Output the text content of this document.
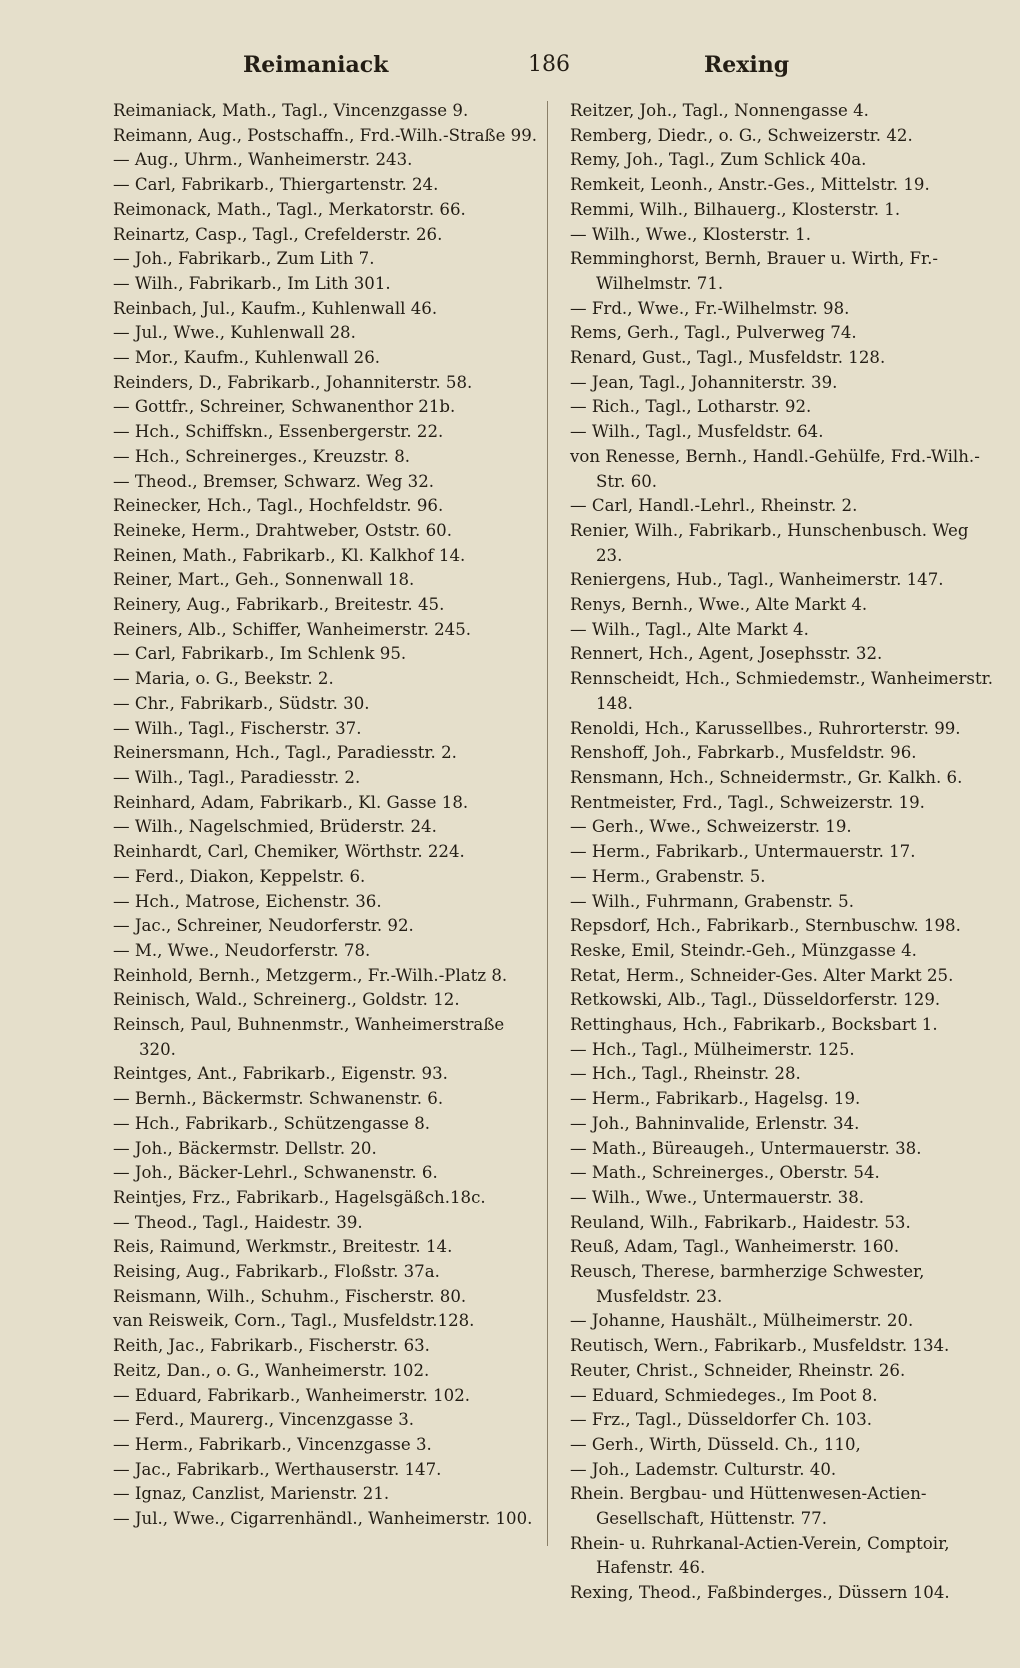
Reimaniack	186	Rexing
Reimaniack, Math., Tagl., Vincenzgasse 9.
Reimann, Aug., Postschaffn., Frd.-Wilh.-Straße 99.
— Aug., Uhrm., Wanheimerstr. 243.
— Carl, Fabrikarb., Thiergartenstr. 24.
Reimonack, Math., Tagl., Merkatorstr. 66.
Reinartz, Casp., Tagl., Crefelderstr. 26.
— Joh., Fabrikarb., Zum Lith 7.
— Wilh., Fabrikarb., Im Lith 301.
Reinbach, Jul., Kaufm., Kuhlenwall 46.
— Jul., Wwe., Kuhlenwall 28.
— Mor., Kaufm., Kuhlenwall 26.
Reinders, D., Fabrikarb., Johanniterstr. 58.
— Gottfr., Schreiner, Schwanenthor 21b.
— Hch., Schiffskn., Essenbergerstr. 22.
— Hch., Schreinerges., Kreuzstr. 8.
— Theod., Bremser, Schwarz. Weg 32.
Reinecker, Hch., Tagl., Hochfeldstr. 96.
Reineke, Herm., Drahtweber, Oststr. 60.
Reinen, Math., Fabrikarb., Kl. Kalkhof 14.
Reiner, Mart., Geh., Sonnenwall 18.
Reinery, Aug., Fabrikarb., Breitestr. 45.
Reiners, Alb., Schiffer, Wanheimerstr. 245.
— Carl, Fabrikarb., Im Schlenk 95.
— Maria, o. G., Beekstr. 2.
— Chr., Fabrikarb., Südstr. 30.
— Wilh., Tagl., Fischerstr. 37.
Reinersmann, Hch., Tagl., Paradiesstr. 2.
— Wilh., Tagl., Paradiesstr. 2.
Reinhard, Adam, Fabrikarb., Kl. Gasse 18.
— Wilh., Nagelschmied, Brüderstr. 24.
Reinhardt, Carl, Chemiker, Wörthstr. 224.
— Ferd., Diakon, Keppelstr. 6.
— Hch., Matrose, Eichenstr. 36.
— Jac., Schreiner, Neudorferstr. 92.
— M., Wwe., Neudorferstr. 78.
Reinhold, Bernh., Metzgerm., Fr.-Wilh.-Platz 8.
Reinisch, Wald., Schreinerg., Goldstr. 12.
Reinsch, Paul, Buhnenmstr., Wanheimerstraße 320.
Reintges, Ant., Fabrikarb., Eigenstr. 93.
— Bernh., Bäckermstr. Schwanenstr. 6.
— Hch., Fabrikarb., Schützengasse 8.
— Joh., Bäckermstr. Dellstr. 20.
— Joh., Bäcker-Lehrl., Schwanenstr. 6.
Reintjes, Frz., Fabrikarb., Hagelsgäßch.18c.
— Theod., Tagl., Haidestr. 39.
Reis, Raimund, Werkmstr., Breitestr. 14.
Reising, Aug., Fabrikarb., Floßstr. 37a.
Reismann, Wilh., Schuhm., Fischerstr. 80.
van Reisweik, Corn., Tagl., Musfeldstr.128.
Reith, Jac., Fabrikarb., Fischerstr. 63.
Reitz, Dan., o. G., Wanheimerstr. 102.
— Eduard, Fabrikarb., Wanheimerstr. 102.
— Ferd., Maurerg., Vincenzgasse 3.
— Herm., Fabrikarb., Vincenzgasse 3.
— Jac., Fabrikarb., Werthauserstr. 147.
— Ignaz, Canzlist, Marienstr. 21.
— Jul., Wwe., Cigarrenhändl., Wanheimerstr. 100.
Reitzer, Joh., Tagl., Nonnengasse 4.
Remberg, Diedr., o. G., Schweizerstr. 42.
Remy, Joh., Tagl., Zum Schlick 40a.
Remkeit, Leonh., Anstr.-Ges., Mittelstr. 19.
Remmi, Wilh., Bilhauerg., Klosterstr. 1.
— Wilh., Wwe., Klosterstr. 1.
Remminghorst, Bernh, Brauer u. Wirth, Fr.-Wilhelmstr. 71.
— Frd., Wwe., Fr.-Wilhelmstr. 98.
Rems, Gerh., Tagl., Pulverweg 74.
Renard, Gust., Tagl., Musfeldstr. 128.
— Jean, Tagl., Johanniterstr. 39.
— Rich., Tagl., Lotharstr. 92.
— Wilh., Tagl., Musfeldstr. 64.
von Renesse, Bernh., Handl.-Gehülfe, Frd.-Wilh.-Str. 60.
— Carl, Handl.-Lehrl., Rheinstr. 2.
Renier, Wilh., Fabrikarb., Hunschenbusch. Weg 23.
Reniergens, Hub., Tagl., Wanheimerstr. 147.
Renys, Bernh., Wwe., Alte Markt 4.
— Wilh., Tagl., Alte Markt 4.
Rennert, Hch., Agent, Josephsstr. 32.
Rennscheidt, Hch., Schmiedemstr., Wanheimerstr. 148.
Renoldi, Hch., Karussellbes., Ruhrorterstr. 99.
Renshoff, Joh., Fabrkarb., Musfeldstr. 96.
Rensmann, Hch., Schneidermstr., Gr. Kalkh. 6.
Rentmeister, Frd., Tagl., Schweizerstr. 19.
— Gerh., Wwe., Schweizerstr. 19.
— Herm., Fabrikarb., Untermauerstr. 17.
— Herm., Grabenstr. 5.
— Wilh., Fuhrmann, Grabenstr. 5.
Repsdorf, Hch., Fabrikarb., Sternbuschw. 198.
Reske, Emil, Steindr.-Geh., Münzgasse 4.
Retat, Herm., Schneider-Ges. Alter Markt 25.
Retkowski, Alb., Tagl., Düsseldorferstr. 129.
Rettinghaus, Hch., Fabrikarb., Bocksbart 1.
— Hch., Tagl., Mülheimerstr. 125.
— Hch., Tagl., Rheinstr. 28.
— Herm., Fabrikarb., Hagelsg. 19.
— Joh., Bahninvalide, Erlenstr. 34.
— Math., Büreaugeh., Untermauerstr. 38.
— Math., Schreinerges., Oberstr. 54.
— Wilh., Wwe., Untermauerstr. 38.
Reuland, Wilh., Fabrikarb., Haidestr. 53.
Reuß, Adam, Tagl., Wanheimerstr. 160.
Reusch, Therese, barmherzige Schwester, Musfeldstr. 23.
— Johanne, Haushält., Mülheimerstr. 20.
Reutisch, Wern., Fabrikarb., Musfeldstr. 134.
Reuter, Christ., Schneider, Rheinstr. 26.
— Eduard, Schmiedeges., Im Poot 8.
— Frz., Tagl., Düsseldorfer Ch. 103.
— Gerh., Wirth, Düsseld. Ch., 110,
— Joh., Lademstr. Culturstr. 40.
Rhein. Bergbau- und Hüttenwesen-Actien-Gesellschaft, Hüttenstr. 77.
Rhein- u. Ruhrkanal-Actien-Verein, Comptoir, Hafenstr. 46.
Rexing, Theod., Faßbinderges., Düssern 104.
